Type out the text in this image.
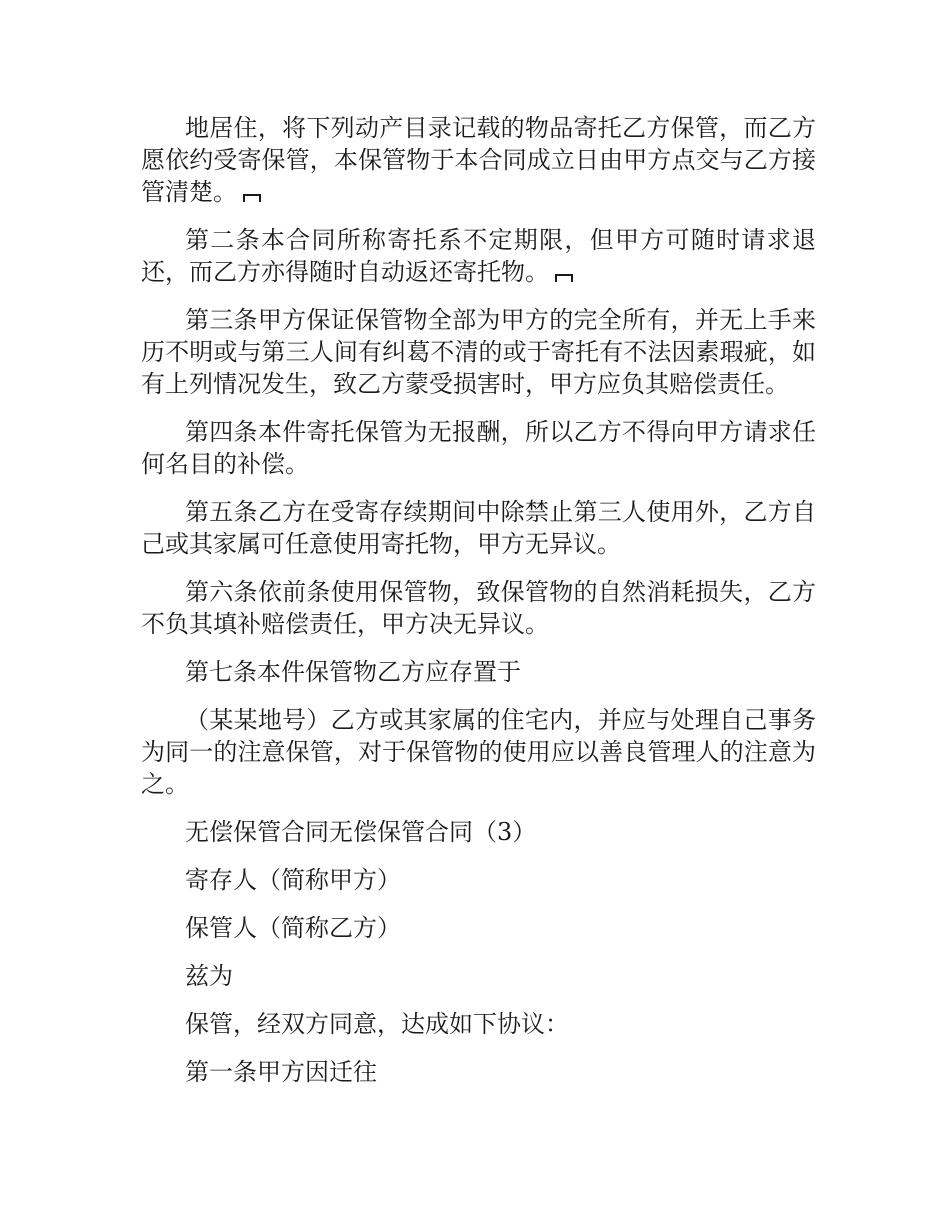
地居住，将下列动产目录记载的物品寄托乙方保管，而乙方愿依约受寄保管，本保管物于本合同成立日由甲方点交与乙方接管清楚。

第二条本合同所称寄托系不定期限，但甲方可随时请求退还，而乙方亦得随时自动返还寄托物。

第三条甲方保证保管物全部为甲方的完全所有，并无上手来历不明或与第三人间有纠葛不清的或于寄托有不法因素瑕疵，如有上列情况发生，致乙方蒙受损害时，甲方应负其赔偿责任。

第四条本件寄托保管为无报酬，所以乙方不得向甲方请求任何名目的补偿。

第五条乙方在受寄存续期间中除禁止第三人使用外，乙方自己或其家属可任意使用寄托物，甲方无异议。

第六条依前条使用保管物，致保管物的自然消耗损失，乙方不负其填补赔偿责任，甲方决无异议。

第七条本件保管物乙方应存置于

（某某地号）乙方或其家属的住宅内，并应与处理自己事务为同一的注意保管，对于保管物的使用应以善良管理人的注意为之。

无偿保管合同无偿保管合同（3）

寄存人（简称甲方）

保管人（简称乙方）

兹为

保管，经双方同意，达成如下协议：

第一条甲方因迁往
